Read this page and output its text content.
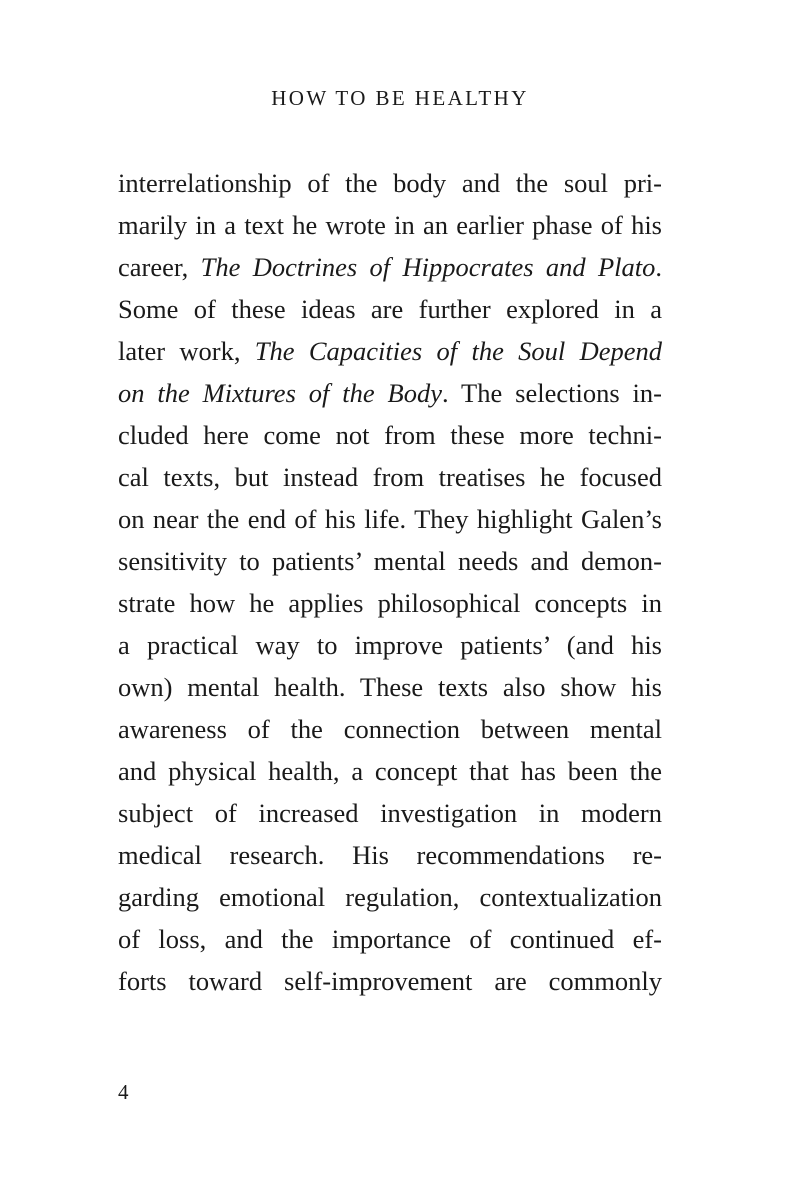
HOW TO BE HEALTHY
interrelationship of the body and the soul pri-
marily in a text he wrote in an earlier phase of his
career, The Doctrines of Hippocrates and Plato.
Some of these ideas are further explored in a
later work, The Capacities of the Soul Depend
on the Mixtures of the Body. The selections in-
cluded here come not from these more techni-
cal texts, but instead from treatises he focused
on near the end of his life. They highlight Galen’s
sensitivity to patients’ mental needs and demon-
strate how he applies philosophical concepts in
a practical way to improve patients’ (and his
own) mental health. These texts also show his
awareness of the connection between mental
and physical health, a concept that has been the
subject of increased investigation in modern
medical research. His recommendations re-
garding emotional regulation, contextualization
of loss, and the importance of continued ef-
forts toward self-improvement are commonly
4
